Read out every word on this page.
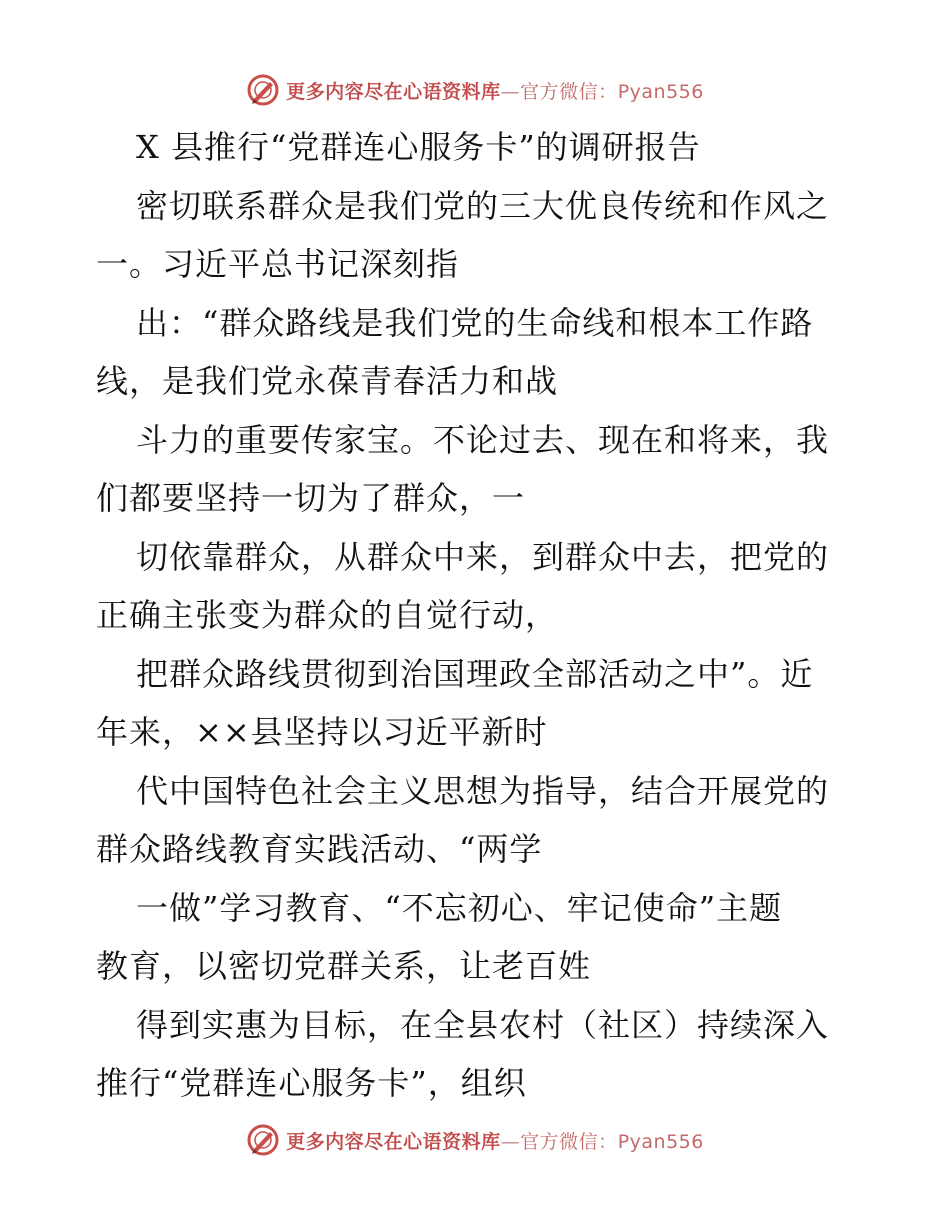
更多内容尽在心语资料库—官方微信：Pyan556
X 县推行“党群连心服务卡”的调研报告
密切联系群众是我们党的三大优良传统和作风之
一。习近平总书记深刻指
出：“群众路线是我们党的生命线和根本工作路
线，是我们党永葆青春活力和战
斗力的重要传家宝。不论过去、现在和将来，我
们都要坚持一切为了群众，一
切依靠群众，从群众中来，到群众中去，把党的
正确主张变为群众的自觉行动，
把群众路线贯彻到治国理政全部活动之中”。近
年来，××县坚持以习近平新时
代中国特色社会主义思想为指导，结合开展党的
群众路线教育实践活动、“两学
一做”学习教育、“不忘初心、牢记使命”主题
教育，以密切党群关系，让老百姓
得到实惠为目标，在全县农村（社区）持续深入
推行“党群连心服务卡”，组织
更多内容尽在心语资料库—官方微信：Pyan556
